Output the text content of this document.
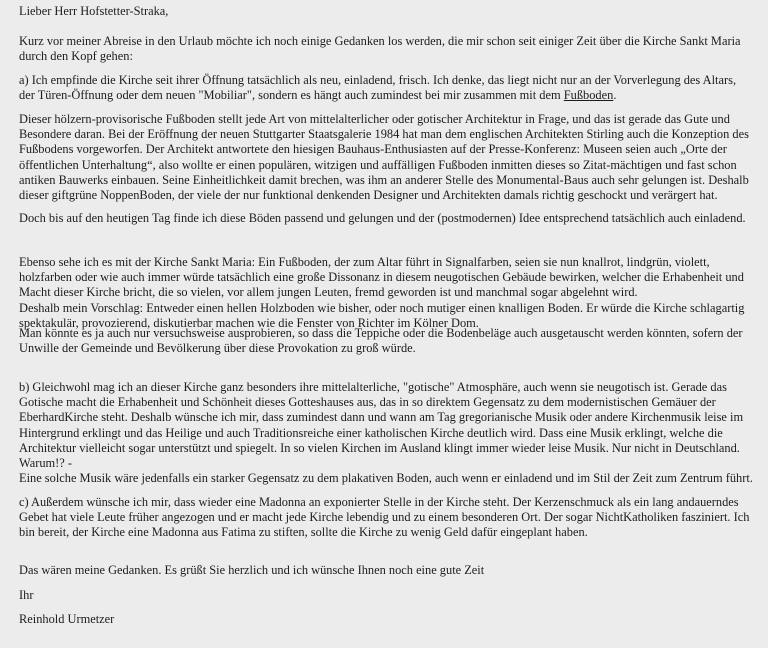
Lieber Herr Hofstetter-Straka,

Kurz vor meiner Abreise in den Urlaub möchte ich noch einige Gedanken los werden, die mir schon seit einiger Zeit über die Kirche Sankt Maria
durch den Kopf gehen:

a) Ich empfinde die Kirche seit ihrer Öffnung tatsächlich als neu, einladend, frisch. Ich denke, das liegt nicht nur an der Vorverlegung des Altars,
der Türen-Öffnung oder dem neuen "Mobiliar", sondern es hängt auch zumindest bei mir zusammen mit dem Fußboden.

Dieser hölzern-provisorische Fußboden stellt jede Art von mittelalterlicher oder gotischer Architektur in Frage, und das ist gerade das Gute und
Besondere daran. Bei der Eröffnung der neuen Stuttgarter Staatsgalerie 1984 hat man dem englischen Architekten Stirling auch die Konzeption des
Fußbodens vorgeworfen. Der Architekt antwortete den hiesigen Bauhaus-Enthusiasten auf der Presse-Konferenz: Museen seien auch „Orte der
öffentlichen Unterhaltung“, also wollte er einen populären, witzigen und auffälligen Fußboden inmitten dieses so Zitat-mächtigen und fast schon
antiken Bauwerks einbauen. Seine Einheitlichkeit damit brechen, was ihm an anderer Stelle des Monumental-Baus auch sehr gelungen ist. Deshalb
dieser giftgrüne NoppenBoden, der viele der nur funktional denkenden Designer und Architekten damals richtig geschockt und verärgert hat.

Doch bis auf den heutigen Tag finde ich diese Böden passend und gelungen und der (postmodernen) Idee entsprechend tatsächlich auch einladend.

Ebenso sehe ich es mit der Kirche Sankt Maria: Ein Fußboden, der zum Altar führt in Signalfarben, seien sie nun knallrot, lindgrün, violett,
holzfarben oder wie auch immer würde tatsächlich eine große Dissonanz in diesem neugotischen Gebäude bewirken, welcher die Erhabenheit und
Macht dieser Kirche bricht, die so vielen, vor allem jungen Leuten, fremd geworden ist und manchmal sogar abgelehnt wird.
Deshalb mein Vorschlag: Entweder einen hellen Holzboden wie bisher, oder noch mutiger einen knalligen Boden. Er würde die Kirche schlagartig
spektakulär, provozierend, diskutierbar machen wie die Fenster von Richter im Kölner Dom.

Man könnte es ja auch nur versuchsweise ausprobieren, so dass die Teppiche oder die Bodenbeläge auch ausgetauscht werden könnten, sofern der
Unwille der Gemeinde und Bevölkerung über diese Provokation zu groß würde.

b) Gleichwohl mag ich an dieser Kirche ganz besonders ihre mittelalterliche, "gotische" Atmosphäre, auch wenn sie neugotisch ist. Gerade das
Gotische macht die Erhabenheit und Schönheit dieses Gotteshauses aus, das in so direktem Gegensatz zu dem modernistischen Gemäuer der
EberhardKirche steht. Deshalb wünsche ich mir, dass zumindest dann und wann am Tag gregorianische Musik oder andere Kirchenmusik leise im
Hintergrund erklingt und das Heilige und auch Traditionsreiche einer katholischen Kirche deutlich wird. Dass eine Musik erklingt, welche die
Architektur vielleicht sogar unterstützt und spiegelt. In so vielen Kirchen im Ausland klingt immer wieder leise Musik. Nur nicht in Deutschland.
Warum!? -
Eine solche Musik wäre jedenfalls ein starker Gegensatz zu dem plakativen Boden, auch wenn er einladend und im Stil der Zeit zum Zentrum führt.

c) Außerdem wünsche ich mir, dass wieder eine Madonna an exponierter Stelle in der Kirche steht. Der Kerzenschmuck als ein lang andauerndes
Gebet hat viele Leute früher angezogen und er macht jede Kirche lebendig und zu einem besonderen Ort. Der sogar NichtKatholiken fasziniert. Ich
bin bereit, der Kirche eine Madonna aus Fatima zu stiften, sollte die Kirche zu wenig Geld dafür eingeplant haben.

Das wären meine Gedanken. Es grüßt Sie herzlich und ich wünsche Ihnen noch eine gute Zeit

Ihr

Reinhold Urmetzer
